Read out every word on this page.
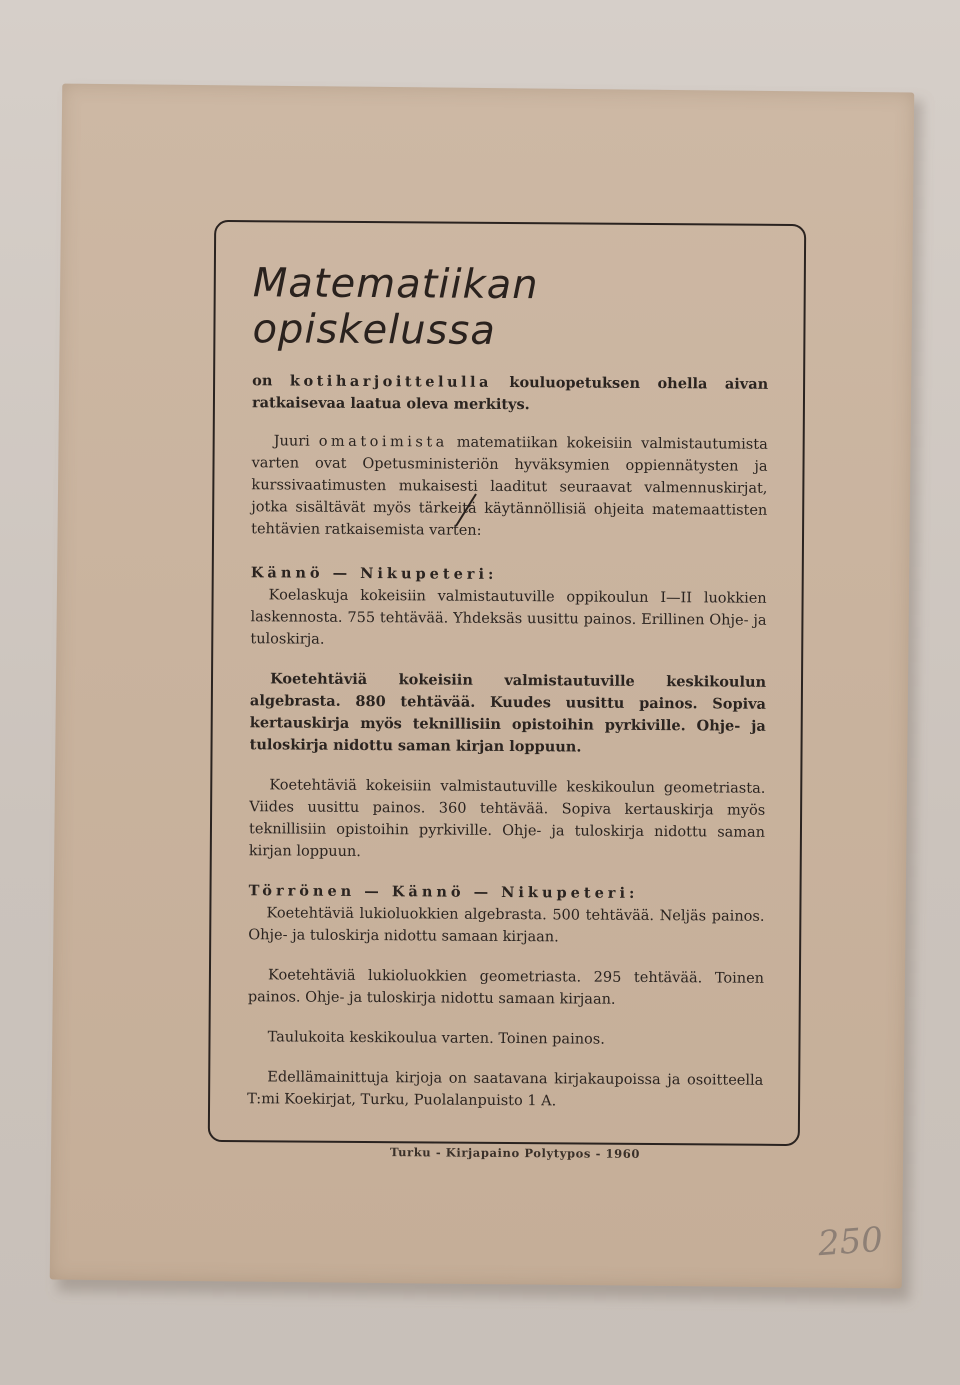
Matematiikan opiskelussa

on kotiharjoittelulla kouluopetuksen ohella aivan ratkaisevaa laatua oleva merkitys.

Juuri omatoimista matematiikan kokeisiin valmistautumista varten ovat Opetusministeriön hyväksymien oppiennätysten ja kurssivaatimusten mukaisesti laaditut seuraavat valmennuskirjat, jotka sisältävät myös tärkeitä käytännöllisiä ohjeita matemaattisten tehtävien ratkaisemista varten:

Kännö — Nikupeteri:

Koelaskuja kokeisiin valmistautuville oppikoulun I—II luokkien laskennosta. 755 tehtävää. Yhdeksäs uusittu painos. Erillinen Ohje- ja tuloskirja.

Koetehtäviä kokeisiin valmistautuville keskikoulun algebrasta. 880 tehtävää. Kuudes uusittu painos. Sopiva kertauskirja myös teknillisiin opistoihin pyrkiville. Ohje- ja tuloskirja nidottu saman kirjan loppuun.

Koetehtäviä kokeisiin valmistautuville keskikoulun geometriasta. Viides uusittu painos. 360 tehtävää. Sopiva kertauskirja myös teknillisiin opistoihin pyrkiville. Ohje- ja tuloskirja nidottu saman kirjan loppuun.

Törrönen — Kännö — Nikupeteri:

Koetehtäviä lukioluokkien algebrasta. 500 tehtävää. Neljäs painos. Ohje- ja tuloskirja nidottu samaan kirjaan.

Koetehtäviä lukioluokkien geometriasta. 295 tehtävää. Toinen painos. Ohje- ja tuloskirja nidottu samaan kirjaan.

Taulukoita keskikoulua varten. Toinen painos.

Edellämainittuja kirjoja on saatavana kirjakaupoissa ja osoitteella T:mi Koekirjat, Turku, Puolalanpuisto 1 A.

Turku - Kirjapaino Polytypos - 1960
250
